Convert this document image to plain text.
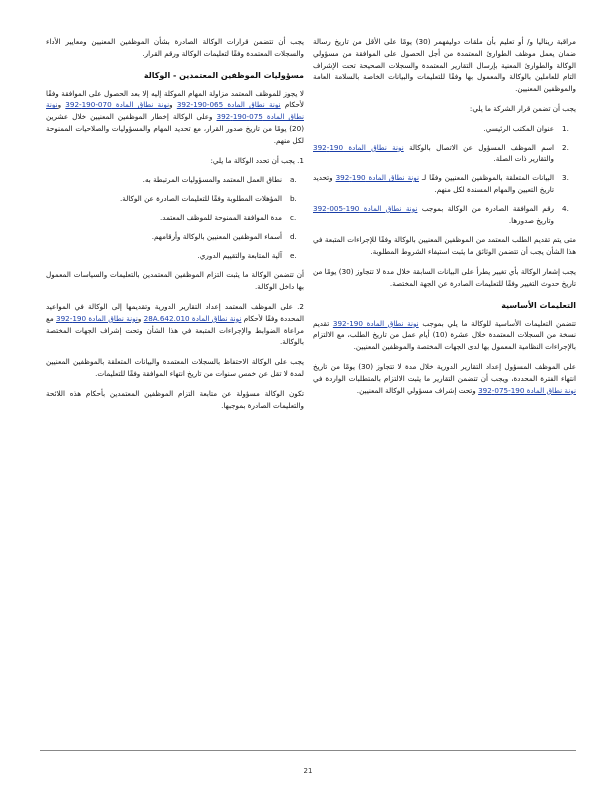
مراقبة ريناليا و/ أو تعليم بأن ملقات دوليفهمر (30) يومًا على الأقل من تاريخ رسالة ضمان يعمل موظف الطوارئ المعتمدة من أجل الحصول على الموافقة من مسؤولي الوكالة والطوارئ المعنية بإرسال التقارير المعتمدة والسجلات الصحيحة تحت الإشراف التام للعاملين بالوكالة والمعمول بها وفقًا للتعليمات والبيانات الخاصة بالسلامة العامة والموظفين المعنيين.

يجب أن تضمن قرار الشركة ما يلي:

1.
عنوان المكتب الرئيسي.
2.
اسم الموظف المسؤول عن الاتصال بالوكالة نونة نطاق المادة 190-392 والتقارير ذات الصلة.
3.
البيانات المتعلقة بالموظفين المعنيين وفقًا لـ نونة نطاق المادة 190-392 وتحديد تاريخ التعيين والمهام المسندة لكل منهم.
4.
رقم الموافقة الصادرة من الوكالة بموجب نونة نطاق المادة 190-005-392 وتاريخ صدورها.

متى يتم تقديم الطلب المعتمد من الموظفين المعنيين بالوكالة وفقًا للإجراءات المتبعة في هذا الشأن يجب أن تتضمن الوثائق ما يثبت استيفاء الشروط المطلوبة.

يجب إشعار الوكالة بأي تغيير يطرأ على البيانات السابقة خلال مدة لا تتجاوز (30) يومًا من تاريخ حدوث التغيير وفقًا للتعليمات الصادرة عن الجهة المختصة.

التعليمات الأساسية

تتضمن التعليمات الأساسية للوكالة ما يلي بموجب نونة نطاق المادة 190-392 تقديم نسخة من السجلات المعتمدة خلال عشرة (10) أيام عمل من تاريخ الطلب، مع الالتزام بالإجراءات النظامية المعمول بها لدى الجهات المختصة والموظفين المعنيين.

على الموظف المسؤول إعداد التقارير الدورية خلال مدة لا تتجاوز (30) يومًا من تاريخ انتهاء الفترة المحددة، ويجب أن تتضمن التقارير ما يثبت الالتزام بالمتطلبات الواردة في نونة نطاق المادة 190-075-392 وتحت إشراف مسؤولي الوكالة المعنيين.

يجب أن تتضمن قرارات الوكالة الصادرة بشأن الموظفين المعنيين ومعايير الأداء والسجلات المعتمدة وفقًا لتعليمات الوكالة ورقم القرار.

مسؤوليات الموظفين المعتمدين - الوكالة

لا يجوز للموظف المعتمد مزاولة المهام الموكلة إليه إلا بعد الحصول على الموافقة وفقًا لأحكام نونة نطاق المادة 065-190-392 ونونة نطاق المادة 070-190-392 ونونة نطاق المادة 075-190-392 وعلى الوكالة إخطار الموظفين المعنيين خلال عشرين (20) يومًا من تاريخ صدور القرار، مع تحديد المهام والمسؤوليات والصلاحيات الممنوحة لكل منهم.

1. يجب أن تحدد الوكالة ما يلي:

a.
نطاق العمل المعتمد والمسؤوليات المرتبطة به.
b.
المؤهلات المطلوبة وفقًا للتعليمات الصادرة عن الوكالة.
c.
مدة الموافقة الممنوحة للموظف المعتمد.
d.
أسماء الموظفين المعنيين بالوكالة وأرقامهم.
e.
آلية المتابعة والتقييم الدوري.

أن تتضمن الوكالة ما يثبت التزام الموظفين المعتمدين بالتعليمات والسياسات المعمول بها داخل الوكالة.

2. على الموظف المعتمد إعداد التقارير الدورية وتقديمها إلى الوكالة في المواعيد المحددة وفقًا لأحكام نونة نطاق المادة 28A.642.010 ونونة نطاق المادة 190-392 مع مراعاة الضوابط والإجراءات المتبعة في هذا الشأن وتحت إشراف الجهات المختصة بالوكالة.

يجب على الوكالة الاحتفاظ بالسجلات المعتمدة والبيانات المتعلقة بالموظفين المعنيين لمدة لا تقل عن خمس سنوات من تاريخ انتهاء الموافقة وفقًا للتعليمات.

تكون الوكالة مسؤولة عن متابعة التزام الموظفين المعتمدين بأحكام هذه اللائحة والتعليمات الصادرة بموجبها.

21
